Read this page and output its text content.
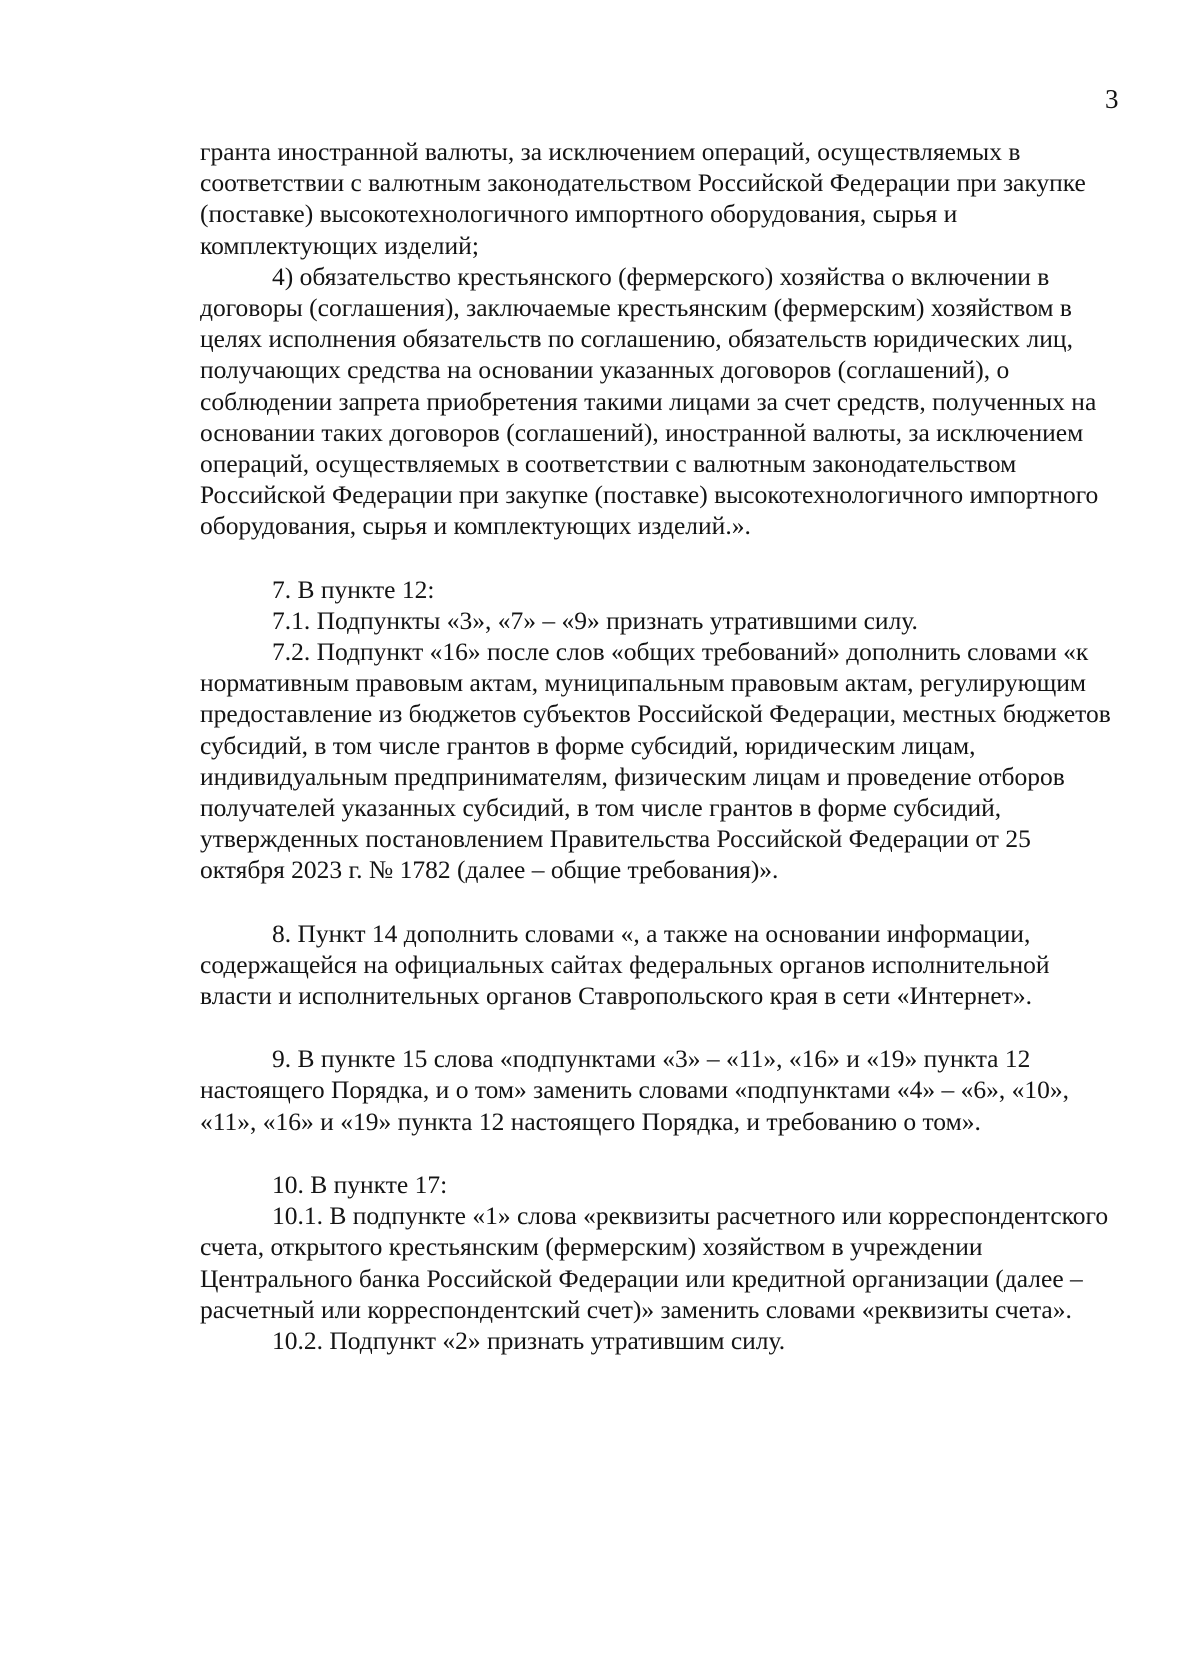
3

гранта иностранной валюты, за исключением операций, осуществляемых в соответствии с валютным законодательством Российской Федерации при закупке (поставке) высокотехнологичного импортного оборудования, сырья и комплектующих изделий;

4) обязательство крестьянского (фермерского) хозяйства о включении в договоры (соглашения), заключаемые крестьянским (фермерским) хозяйством в целях исполнения обязательств по соглашению, обязательств юридических лиц, получающих средства на основании указанных договоров (соглашений), о соблюдении запрета приобретения такими лицами за счет средств, полученных на основании таких договоров (соглашений), иностранной валюты, за исключением операций, осуществляемых в соответствии с валютным законодательством Российской Федерации при закупке (поставке) высокотехнологичного импортного оборудования, сырья и комплектующих изделий.».

7. В пункте 12:

7.1. Подпункты «3», «7» – «9» признать утратившими силу.

7.2. Подпункт «16» после слов «общих требований» дополнить словами «к нормативным правовым актам, муниципальным правовым актам, регулирующим предоставление из бюджетов субъектов Российской Федерации, местных бюджетов субсидий, в том числе грантов в форме субсидий, юридическим лицам, индивидуальным предпринимателям, физическим лицам и проведение отборов получателей указанных субсидий, в том числе грантов в форме субсидий, утвержденных постановлением Правительства Российской Федерации от 25 октября 2023 г. № 1782 (далее – общие требования)».

8. Пункт 14 дополнить словами «, а также на основании информации, содержащейся на официальных сайтах федеральных органов исполнительной власти и исполнительных органов Ставропольского края в сети «Интернет».

9. В пункте 15 слова «подпунктами «3» – «11», «16» и «19» пункта 12 настоящего Порядка, и о том» заменить словами «подпунктами «4» – «6», «10», «11», «16» и «19» пункта 12 настоящего Порядка, и требованию о том».

10. В пункте 17:

10.1. В подпункте «1» слова «реквизиты расчетного или корреспондентского счета, открытого крестьянским (фермерским) хозяйством в учреждении Центрального банка Российской Федерации или кредитной организации (далее – расчетный или корреспондентский счет)» заменить словами «реквизиты счета».

10.2. Подпункт «2» признать утратившим силу.
